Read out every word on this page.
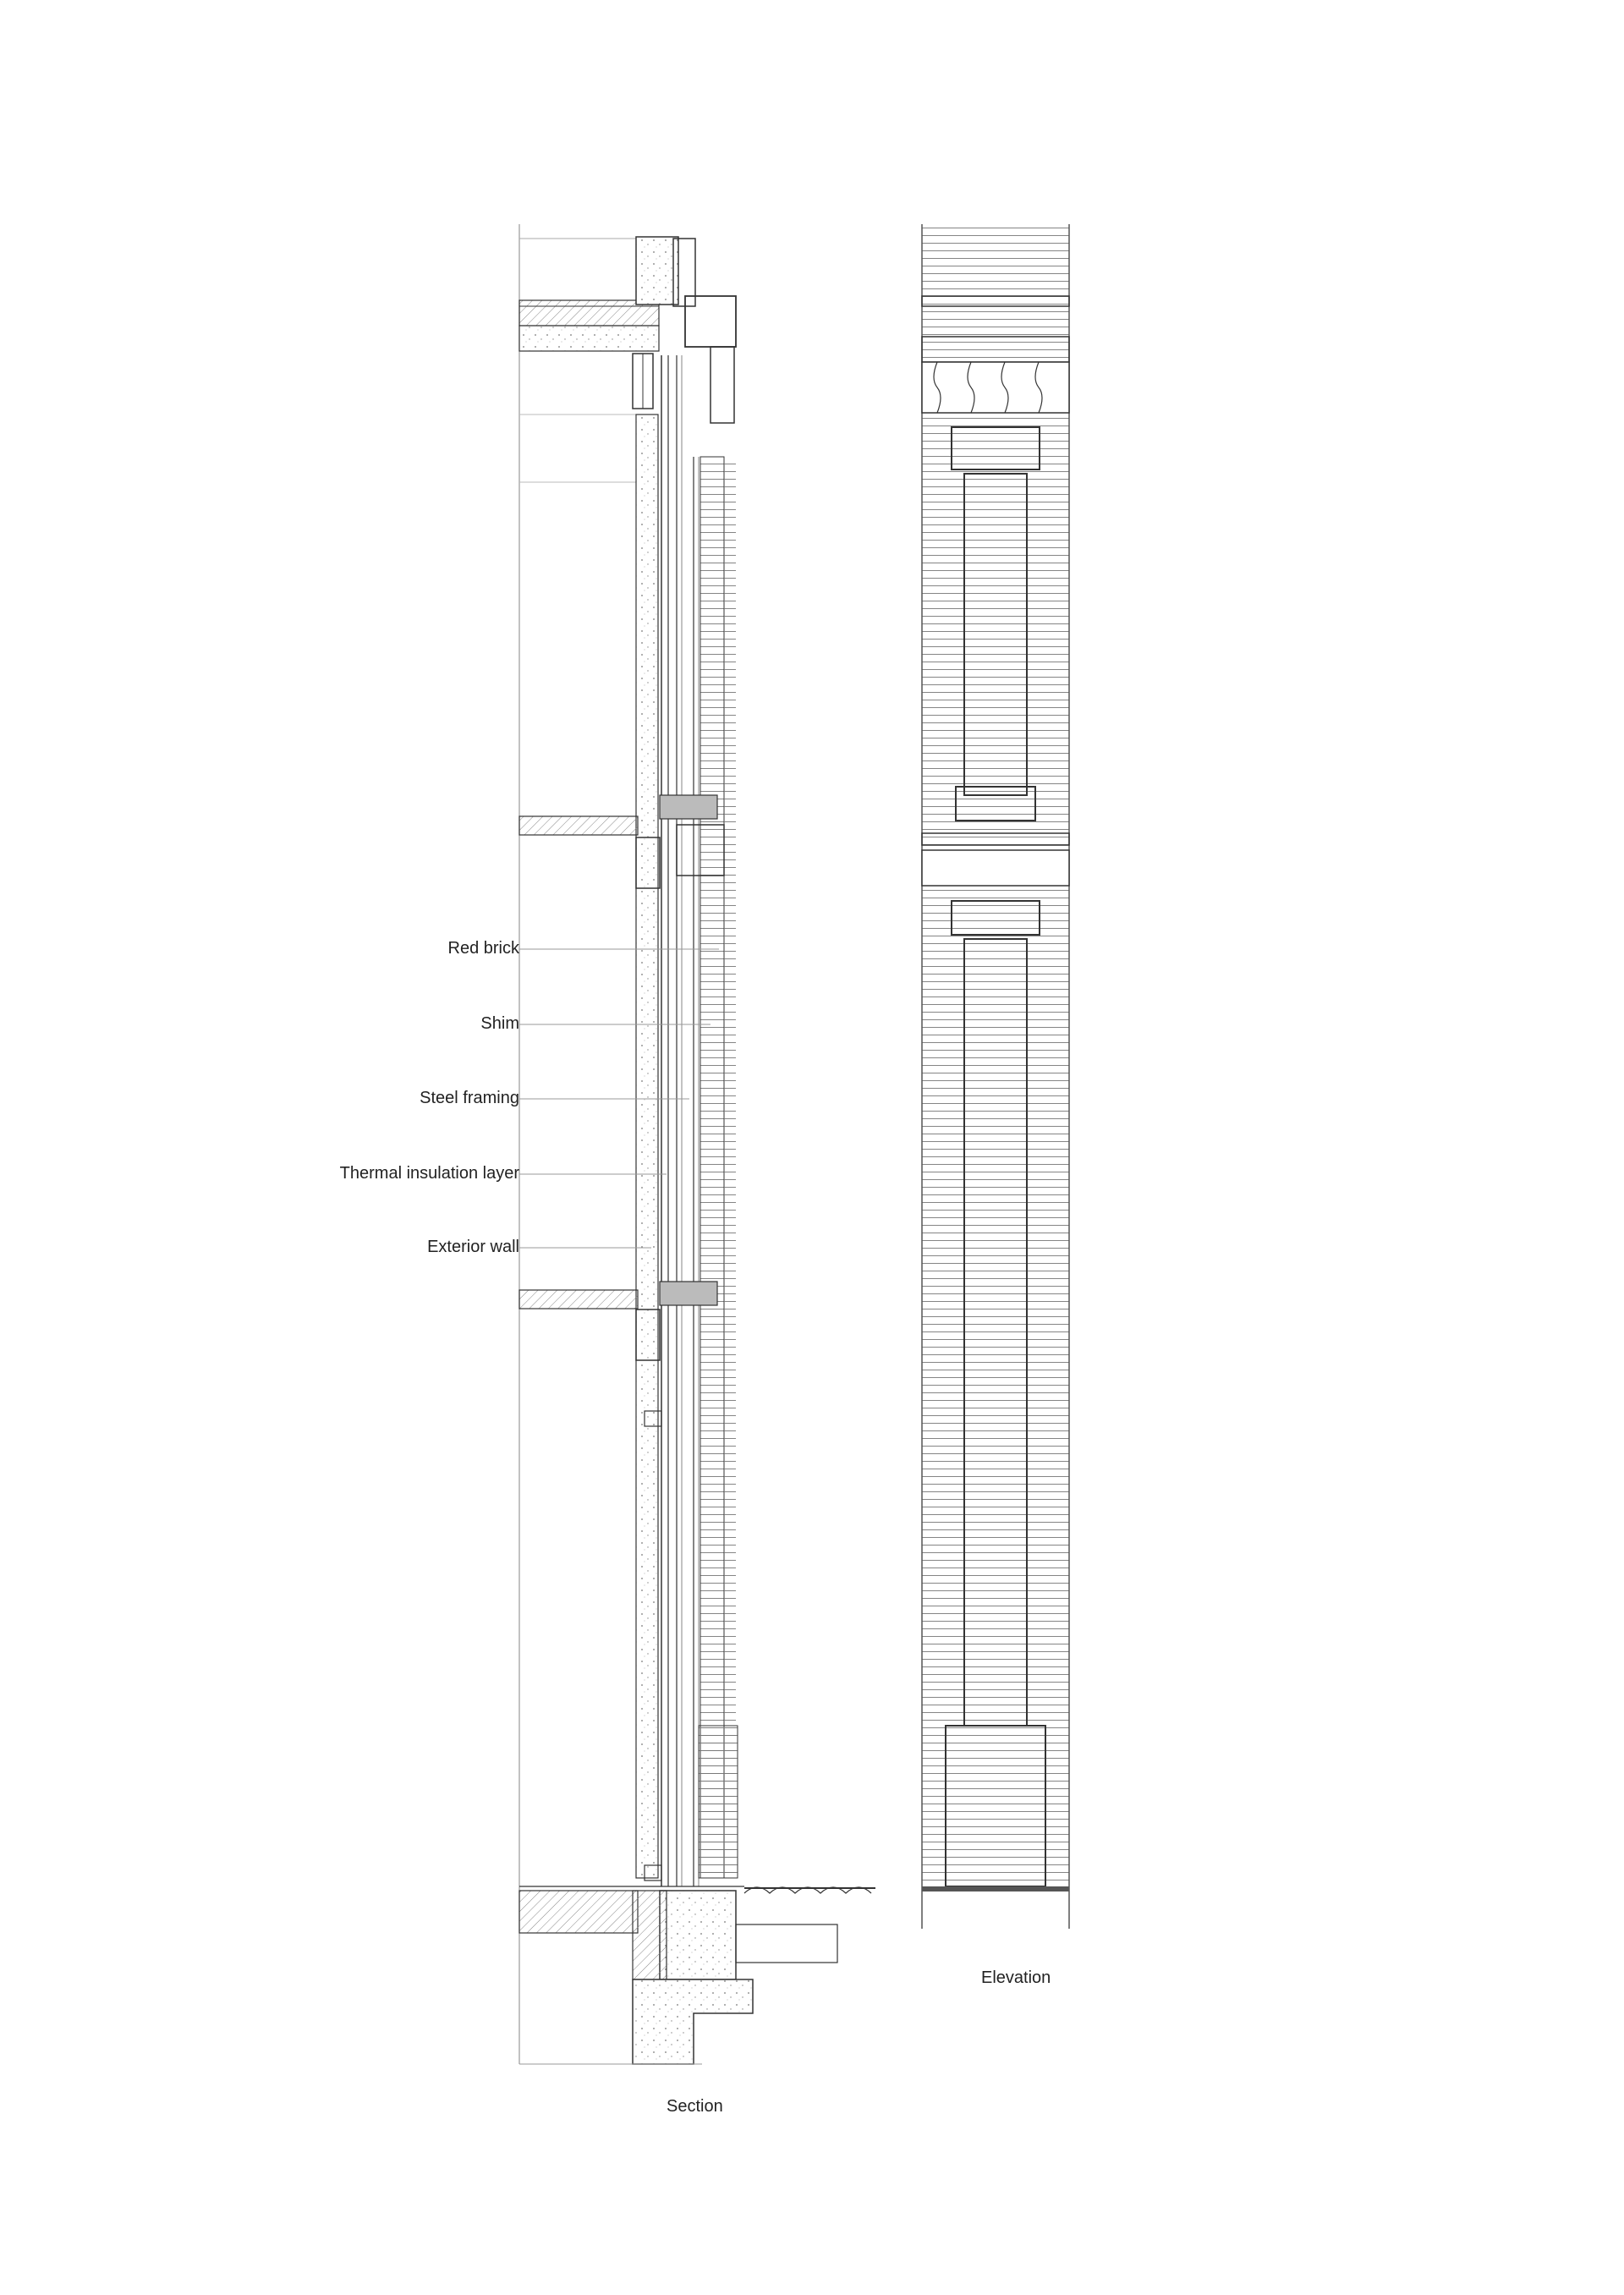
Red brick
Shim
Steel framing
Thermal insulation layer
Exterior wall
Section
Elevation
